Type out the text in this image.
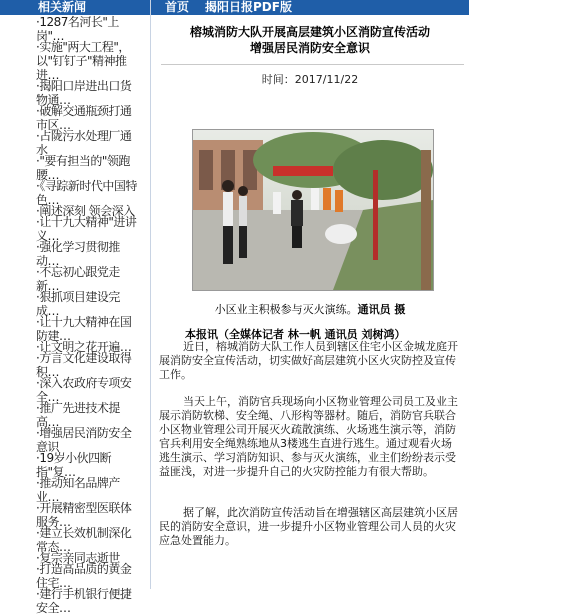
相关新闻
·1287名河长"上岗"…
·实施"两大工程"，以"钉钉子"精神推进…
·揭阳口岸进出口货物通…
·破解交通瓶颈打通市区…
·占陇污水处理厂通水
·"要有担当的"领跑腰…
·《寻踪新时代中国特色…
·阐述深刻 领会深入
·让十九大精神"进讲义…
·强化学习贯彻推动…
·不忘初心跟党走 新…
·狠抓项目建设完成…
·让十九大精神在国防建…
·让文明之花开遍…
·方言文化建设取得积…
·深入农政府专项安全…
·推广先进技术提高…
·增强居民消防安全意识
·19岁小伙四断指"复…
·推动知名品牌产业…
·开展精密型医联体服务…
·建立长效机制深化常态…
·复宗亲同志逝世
·打造高品质的黄金住宅…
·建行手机银行便捷安全…
首页 揭阳日报PDF版
榕城消防大队开展高层建筑小区消防宣传活动
增强居民消防安全意识
时间：2017/11/22
小区业主积极参与灭火演练。通讯员 摄
本报讯（全媒体记者 林一帆 通讯员 刘树鸿）
近日，榕城消防大队工作人员到辖区住宅小区金城龙庭开展消防安全宣传活动，切实做好高层建筑小区火灾防控及宣传工作。
当天上午，消防官兵现场向小区物业管理公司员工及业主展示消防软梯、安全绳、八形构等器材。随后，消防官兵联合小区物业管理公司开展灭火疏散演练、火场逃生演示等，消防官兵利用安全绳熟练地从3楼逃生直进行逃生。通过观看火场逃生演示、学习消防知识、参与灭火演练，业主们纷纷表示受益匪浅，对进一步提升自己的火灾防控能力有很大帮助。
据了解，此次消防宣传活动旨在增强辖区高层建筑小区居民的消防安全意识，进一步提升小区物业管理公司人员的火灾应急处置能力。
